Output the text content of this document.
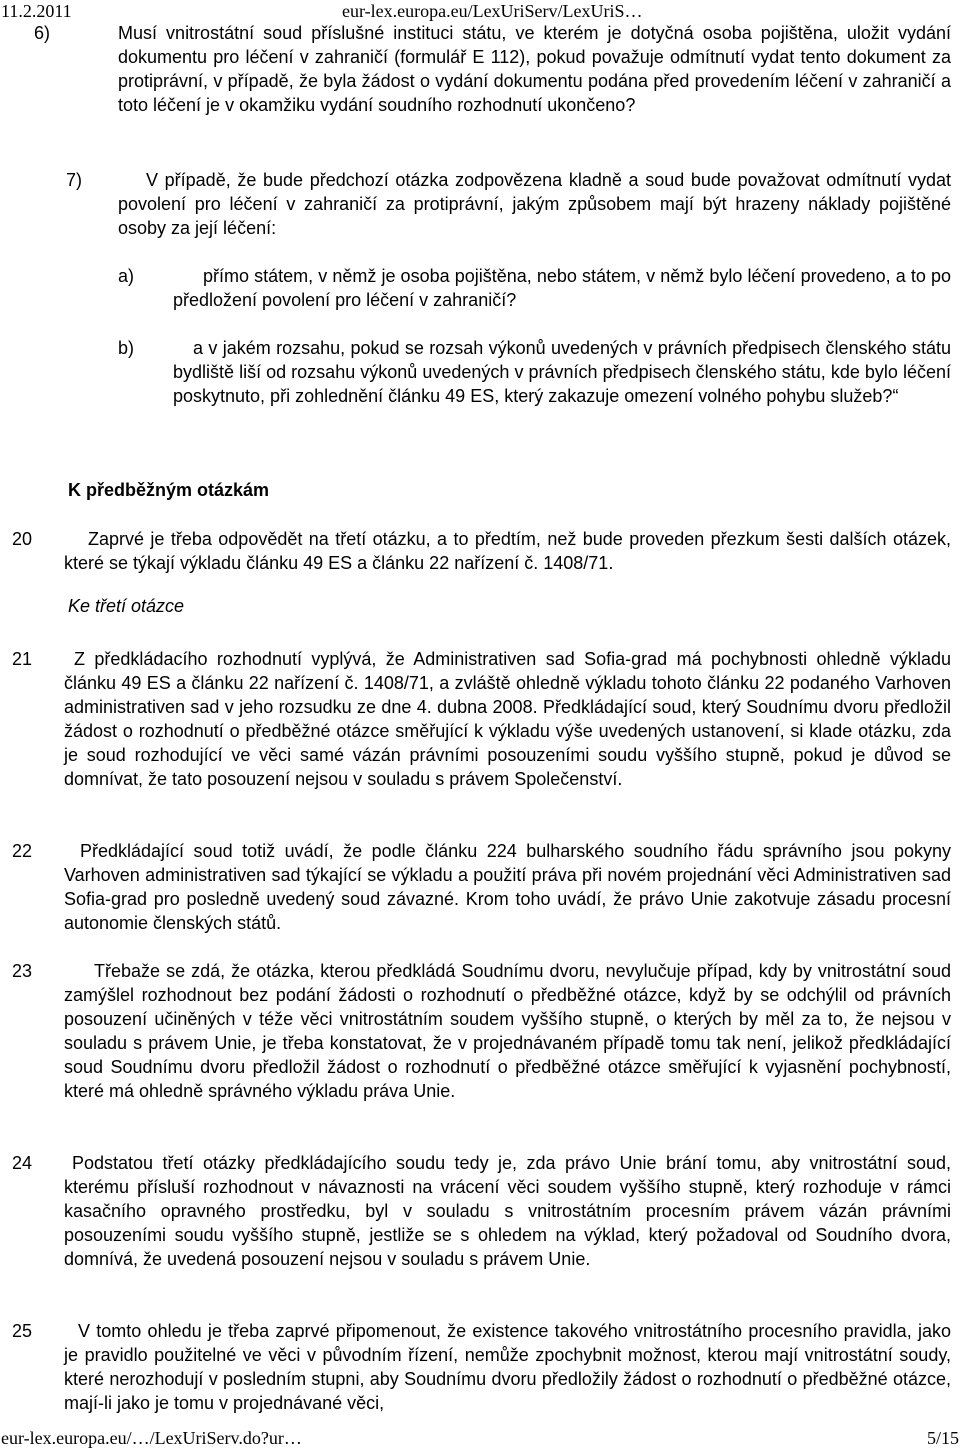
11.2.2011	eur-lex.europa.eu/LexUriServ/LexUriS…
6)	Musí vnitrostátní soud příslušné instituci státu, ve kterém je dotyčná osoba pojištěna, uložit vydání dokumentu pro léčení v zahraničí (formulář E 112), pokud považuje odmítnutí vydat tento dokument za protiprávní, v případě, že byla žádost o vydání dokumentu podána před provedením léčení v zahraničí a toto léčení je v okamžiku vydání soudního rozhodnutí ukončeno?

7)	V případě, že bude předchozí otázka zodpovězena kladně a soud bude považovat odmítnutí vydat povolení pro léčení v zahraničí za protiprávní, jakým způsobem mají být hrazeny náklady pojištěné osoby za její léčení:

a)	přímo státem, v němž je osoba pojištěna, nebo státem, v němž bylo léčení provedeno, a to po předložení povolení pro léčení v zahraničí?

b)	a v jakém rozsahu, pokud se rozsah výkonů uvedených v právních předpisech členského státu bydliště liší od rozsahu výkonů uvedených v právních předpisech členského státu, kde bylo léčení poskytnuto, při zohlednění článku 49 ES, který zakazuje omezení volného pohybu služeb?“

K předběžným otázkám
Ke třetí otázce
20	Zaprvé je třeba odpovědět na třetí otázku, a to předtím, než bude proveden přezkum šesti dalších otázek, které se týkají výkladu článku 49 ES a článku 22 nařízení č. 1408/71.

21	Z předkládacího rozhodnutí vyplývá, že Administrativen sad Sofia-grad má pochybnosti ohledně výkladu článku 49 ES a článku 22 nařízení č. 1408/71, a zvláště ohledně výkladu tohoto článku 22 podaného Varhoven administrativen sad v jeho rozsudku ze dne 4. dubna 2008. Předkládající soud, který Soudnímu dvoru předložil žádost o rozhodnutí o předběžné otázce směřující k výkladu výše uvedených ustanovení, si klade otázku, zda je soud rozhodující ve věci samé vázán právními posouzeními soudu vyššího stupně, pokud je důvod se domnívat, že tato posouzení nejsou v souladu s právem Společenství.

22	Předkládající soud totiž uvádí, že podle článku 224 bulharského soudního řádu správního jsou pokyny Varhoven administrativen sad týkající se výkladu a použití práva při novém projednání věci Administrativen sad Sofia-grad pro posledně uvedený soud závazné. Krom toho uvádí, že právo Unie zakotvuje zásadu procesní autonomie členských států.

23	Třebaže se zdá, že otázka, kterou předkládá Soudnímu dvoru, nevylučuje případ, kdy by vnitrostátní soud zamýšlel rozhodnout bez podání žádosti o rozhodnutí o předběžné otázce, když by se odchýlil od právních posouzení učiněných v téže věci vnitrostátním soudem vyššího stupně, o kterých by měl za to, že nejsou v souladu s právem Unie, je třeba konstatovat, že v projednávaném případě tomu tak není, jelikož předkládající soud Soudnímu dvoru předložil žádost o rozhodnutí o předběžné otázce směřující k vyjasnění pochybností, které má ohledně správného výkladu práva Unie.

24	Podstatou třetí otázky předkládajícího soudu tedy je, zda právo Unie brání tomu, aby vnitrostátní soud, kterému přísluší rozhodnout v návaznosti na vrácení věci soudem vyššího stupně, který rozhoduje v rámci kasačního opravného prostředku, byl v souladu s vnitrostátním procesním právem vázán právními posouzeními soudu vyššího stupně, jestliže se s ohledem na výklad, který požadoval od Soudního dvora, domnívá, že uvedená posouzení nejsou v souladu s právem Unie.

25	V tomto ohledu je třeba zaprvé připomenout, že existence takového vnitrostátního procesního pravidla, jako je pravidlo použitelné ve věci v původním řízení, nemůže zpochybnit možnost, kterou mají vnitrostátní soudy, které nerozhodují v posledním stupni, aby Soudnímu dvoru předložily žádost o rozhodnutí o předběžné otázce, mají-li jako je tomu v projednávané věci,

eur-lex.europa.eu/…/LexUriServ.do?ur…	5/15
